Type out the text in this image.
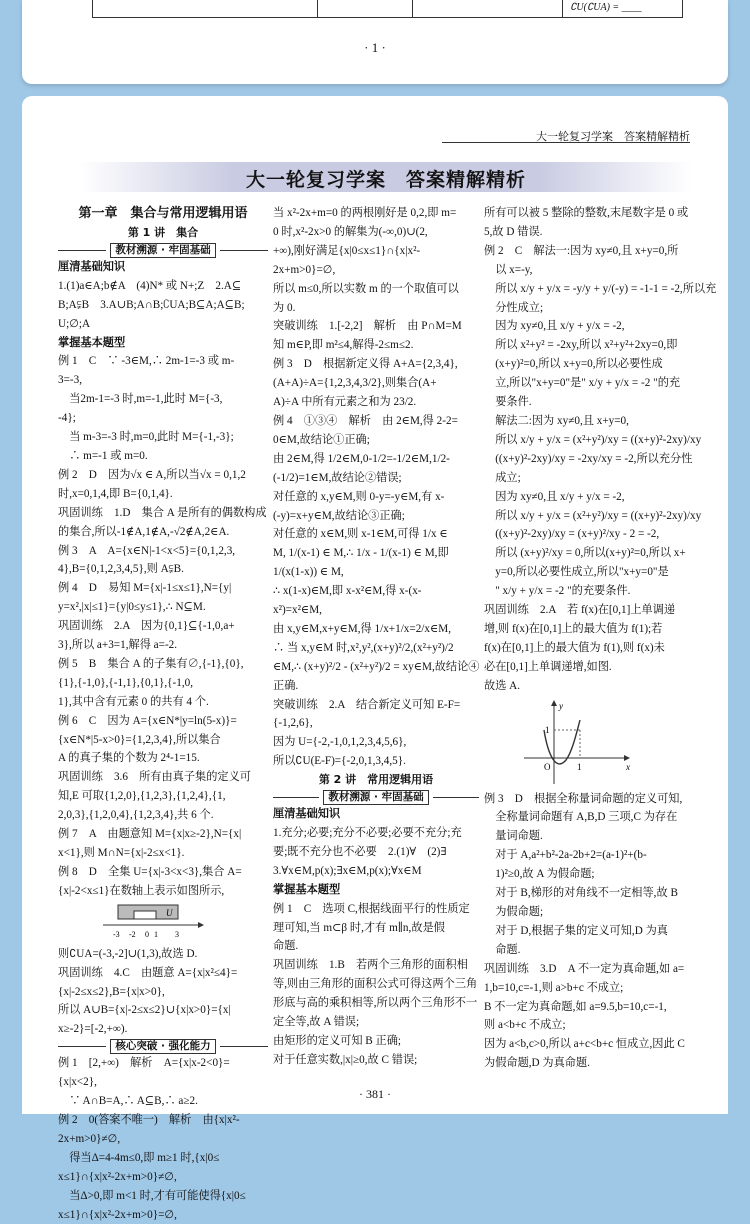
∁U(∁UA) = ____
· 1 ·
大一轮复习学案　答案精解精析
大一轮复习学案　答案精解精析
第一章　集合与常用逻辑用语
第 1 讲　集合
教材溯源 · 牢固基础
厘清基础知识
1.(1)a∈A;b∉A　(4)N* 或 N+;Z　2.A⊆
B;A⫋B　3.A∪B;A∩B;∁UA;B⊆A;A⊆B;
U;∅;A
掌握基本题型
例 1　C　∵ -3∈M,∴ 2m-1=-3 或 m-
3=-3,
　当2m-1=-3 时,m=-1,此时 M={-3,
-4};
　当 m-3=-3 时,m=0,此时 M={-1,-3};
　∴ m=-1 或 m=0.
例 2　D　因为√x ∈ A,所以当√x = 0,1,2
时,x=0,1,4,即 B={0,1,4}.
巩固训练　1.D　集合 A 是所有的偶数构成
的集合,所以-1∉A,1∉A,-√2∉A,2∈A.
例 3　A　A={x∈N|-1<x<5}={0,1,2,3,
4},B={0,1,2,3,4,5},则 A⫋B.
例 4　D　易知 M={x|-1≤x≤1},N={y|
y=x²,|x|≤1}={y|0≤y≤1},∴ N⊆M.
巩固训练　2.A　因为{0,1}⊆{-1,0,a+
3},所以 a+3=1,解得 a=-2.
例 5　B　集合 A 的子集有∅,{-1},{0},
{1},{-1,0},{-1,1},{0,1},{-1,0,
1},其中含有元素 0 的共有 4 个.
例 6　C　因为 A={x∈N*|y=ln(5-x)}=
{x∈N*|5-x>0}={1,2,3,4},所以集合
A 的真子集的个数为 2⁴-1=15.
巩固训练　3.6　所有由真子集的定义可
知,E 可取{1,2,0},{1,2,3},{1,2,4},{1,
2,0,3},{1,2,0,4},{1,2,3,4},共 6 个.
例 7　A　由题意知 M={x|x≥-2},N={x|
x<1},则 M∩N={x|-2≤x<1}.
例 8　D　全集 U={x|-3<x<3},集合 A=
{x|-2<x≤1}在数轴上表示如图所示,
U
-3 -2 0 1 3
则∁UA=(-3,-2]∪(1,3),故选 D.
巩固训练　4.C　由题意 A={x|x²≤4}=
{x|-2≤x≤2},B={x|x>0},
所以 A∪B={x|-2≤x≤2}∪{x|x>0}={x|
x≥-2}=[-2,+∞).
核心突破 · 强化能力
例 1　[2,+∞)　解析　A={x|x-2<0}=
{x|x<2},
　∵ A∩B=A,∴ A⊆B,∴ a≥2.
例 2　0(答案不唯一)　解析　由{x|x²-
2x+m>0}≠∅,
　得当Δ=4-4m≤0,即 m≥1 时,{x|0≤
x≤1}∩{x|x²-2x+m>0}≠∅,
　当Δ>0,即 m<1 时,才有可能使得{x|0≤
x≤1}∩{x|x²-2x+m>0}=∅,
当 x²-2x+m=0 的两根刚好是 0,2,即 m=
0 时,x²-2x>0 的解集为(-∞,0)∪(2,
+∞),刚好满足{x|0≤x≤1}∩{x|x²-
2x+m>0}=∅,
所以 m≤0,所以实数 m 的一个取值可以
为 0.
突破训练　1.[-2,2]　解析　由 P∩M=M
知 m∈P,即 m²≤4,解得-2≤m≤2.
例 3　D　根据新定义得 A+A={2,3,4},
(A+A)÷A={1,2,3,4,3/2},则集合(A+
A)÷A 中所有元素之和为 23/2.
例 4　①③④　解析　由 2∈M,得 2-2=
0∈M,故结论①正确;
由 2∈M,得 1/2∈M,0-1/2=-1/2∈M,1/2-
(-1/2)=1∈M,故结论②错误;
对任意的 x,y∈M,则 0-y=-y∈M,有 x-
(-y)=x+y∈M,故结论③正确;
对任意的 x∈M,则 x-1∈M,可得 1/x ∈
M, 1/(x-1) ∈ M,∴ 1/x - 1/(x-1) ∈ M,即
1/(x(1-x)) ∈ M,
∴ x(1-x)∈M,即 x-x²∈M,得 x-(x-
x²)=x²∈M,
由 x,y∈M,x+y∈M,得 1/x+1/x=2/x∈M,
∴ 当 x,y∈M 时,x²,y²,(x+y)²/2,(x²+y²)/2
∈M,∴ (x+y)²/2 - (x²+y²)/2 = xy∈M,故结论④
正确.
突破训练　2.A　结合新定义可知 E-F=
{-1,2,6},
因为 U={-2,-1,0,1,2,3,4,5,6},
所以∁U(E-F)={-2,0,1,3,4,5}.
第 2 讲　常用逻辑用语
教材溯源 · 牢固基础
厘清基础知识
1.充分;必要;充分不必要;必要不充分;充
要;既不充分也不必要　2.(1)∀　(2)∃
3.∀x∈M,p(x);∃x∈M,p(x);∀x∈M
掌握基本题型
例 1　C　选项 C,根据线面平行的性质定
理可知,当 m⊂β 时,才有 m∥n,故是假
命题.
巩固训练　1.B　若两个三角形的面积相
等,则由三角形的面积公式可得这两个三角
形底与高的乘积相等,所以两个三角形不一
定全等,故 A 错误;
由矩形的定义可知 B 正确;
对于任意实数,|x|≥0,故 C 错误;
所有可以被 5 整除的整数,末尾数字是 0 或
5,故 D 错误.
例 2　C　解法一:因为 xy≠0,且 x+y=0,所
　以 x=-y,
　所以 x/y + y/x = -y/y + y/(-y) = -1-1 = -2,所以充
　分性成立;
　因为 xy≠0,且 x/y + y/x = -2,
　所以 x²+y² = -2xy,所以 x²+y²+2xy=0,即
　(x+y)²=0,所以 x+y=0,所以必要性成
　立,所以"x+y=0"是" x/y + y/x = -2 "的充
　要条件.
　解法二:因为 xy≠0,且 x+y=0,
　所以 x/y + y/x = (x²+y²)/xy = ((x+y)²-2xy)/xy
　((x+y)²-2xy)/xy = -2xy/xy = -2,所以充分性
　成立;
　因为 xy≠0,且 x/y + y/x = -2,
　所以 x/y + y/x = (x²+y²)/xy = ((x+y)²-2xy)/xy
　((x+y)²-2xy)/xy = (x+y)²/xy - 2 = -2,
　所以 (x+y)²/xy = 0,所以(x+y)²=0,所以 x+
　y=0,所以必要性成立,所以"x+y=0"是
　" x/y + y/x = -2 "的充要条件.
巩固训练　2.A　若 f(x)在[0,1]上单调递
增,则 f(x)在[0,1]上的最大值为 f(1);若
f(x)在[0,1]上的最大值为 f(1),则 f(x)未
必在[0,1]上单调递增,如图.
故选 A.
y
x
O	1
1
例 3　D　根据全称量词命题的定义可知,
　全称量词命题有 A,B,D 三项,C 为存在
　量词命题.
　对于 A,a²+b²-2a-2b+2=(a-1)²+(b-
　1)²≥0,故 A 为假命题;
　对于 B,梯形的对角线不一定相等,故 B
　为假命题;
　对于 D,根据子集的定义可知,D 为真
　命题.
巩固训练　3.D　A 不一定为真命题,如 a=
1,b=10,c=-1,则 a>b+c 不成立;
B 不一定为真命题,如 a=9.5,b=10,c=-1,
则 a<b+c 不成立;
因为 a<b,c>0,所以 a+c<b+c 恒成立,因此 C
为假命题,D 为真命题.
· 381 ·
